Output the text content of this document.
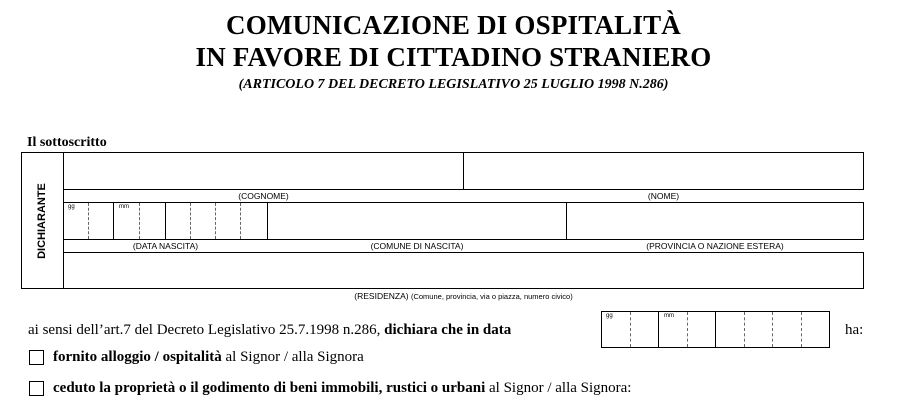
COMUNICAZIONE DI OSPITALITÀ
IN FAVORE DI CITTADINO STRANIERO
(ARTICOLO 7 DEL DECRETO LEGISLATIVO 25 LUGLIO 1998 N.286)
Il sottoscritto
DICHIARANTE	(COGNOME)	(NOME)
gg	mm
(DATA NASCITA)	(COMUNE DI NASCITA)	(PROVINCIA O NAZIONE ESTERA)
(RESIDENZA) (Comune, provincia, via o piazza, numero civico)
ai sensi dell’art.7 del Decreto Legislativo 25.7.1998 n.286, dichiara che in data
gg	mm
ha:
fornito alloggio / ospitalità al Signor / alla Signora
ceduto la proprietà o il godimento di beni immobili, rustici o urbani al Signor / alla Signora:
